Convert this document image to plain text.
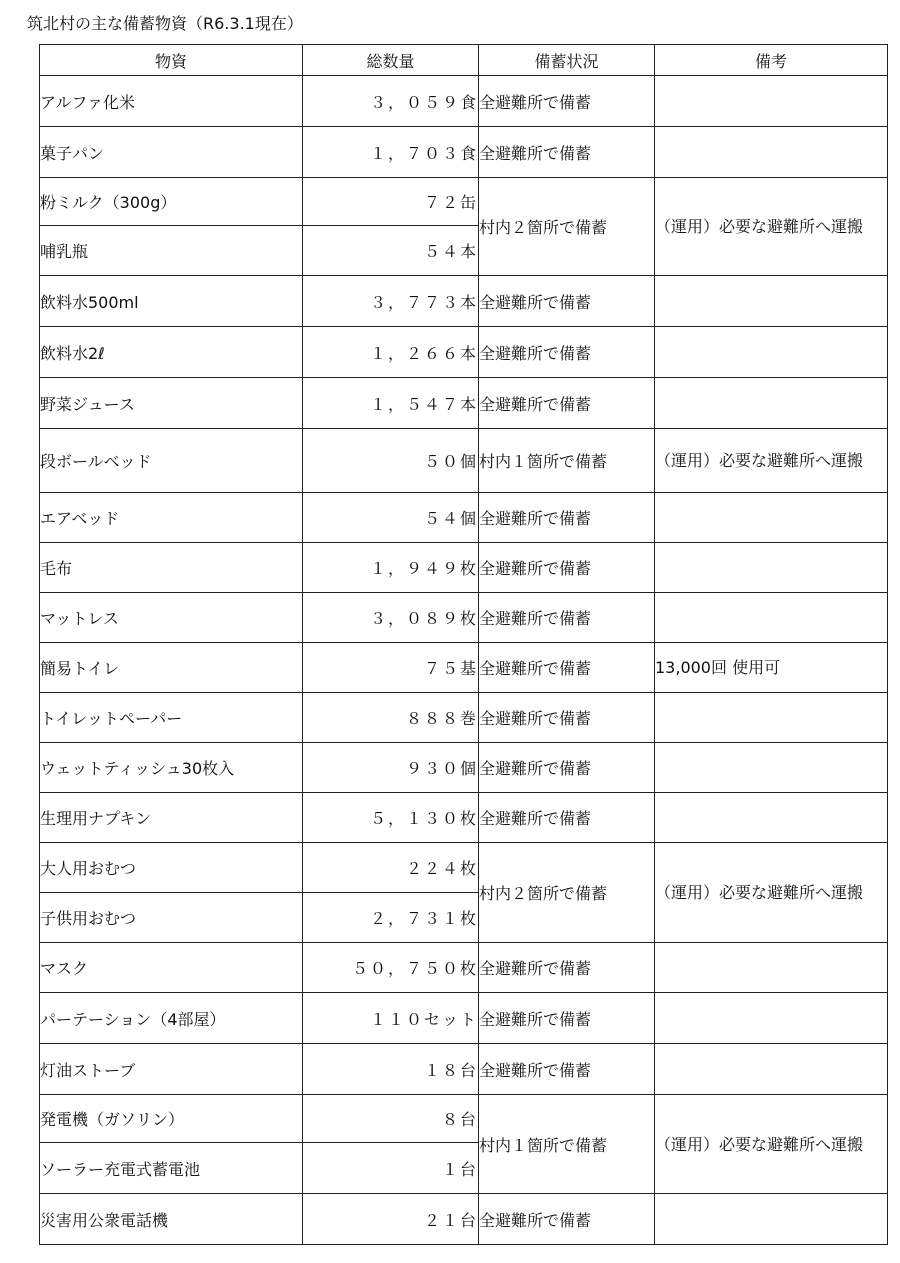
筑北村の主な備蓄物資（R6.3.1現在）
物資	総数量	備蓄状況	備考
アルファ化米	３，０５９食	全避難所で備蓄	
菓子パン	１，７０３食	全避難所で備蓄	
粉ミルク（300g）	７２缶	村内２箇所で備蓄	（運用）必要な避難所へ運搬
哺乳瓶	５４本		
飲料水500ml	３，７７３本	全避難所で備蓄	
飲料水2ℓ	１，２６６本	全避難所で備蓄	
野菜ジュース	１，５４７本	全避難所で備蓄	
段ボールベッド	５０個	村内１箇所で備蓄	（運用）必要な避難所へ運搬
エアベッド	５４個	全避難所で備蓄	
毛布	１，９４９枚	全避難所で備蓄	
マットレス	３，０８９枚	全避難所で備蓄	
簡易トイレ	７５基	全避難所で備蓄	13,000回 使用可
トイレットペーパー	８８８巻	全避難所で備蓄	
ウェットティッシュ30枚入	９３０個	全避難所で備蓄	
生理用ナプキン	５，１３０枚	全避難所で備蓄	
大人用おむつ	２２４枚	村内２箇所で備蓄	（運用）必要な避難所へ運搬
子供用おむつ	２，７３１枚		
マスク	５０，７５０枚	全避難所で備蓄	
パーテーション（4部屋）	１１０セット	全避難所で備蓄	
灯油ストーブ	１８台	全避難所で備蓄	
発電機（ガソリン）	８台	村内１箇所で備蓄	（運用）必要な避難所へ運搬
ソーラー充電式蓄電池	１台		
災害用公衆電話機	２１台	全避難所で備蓄	
